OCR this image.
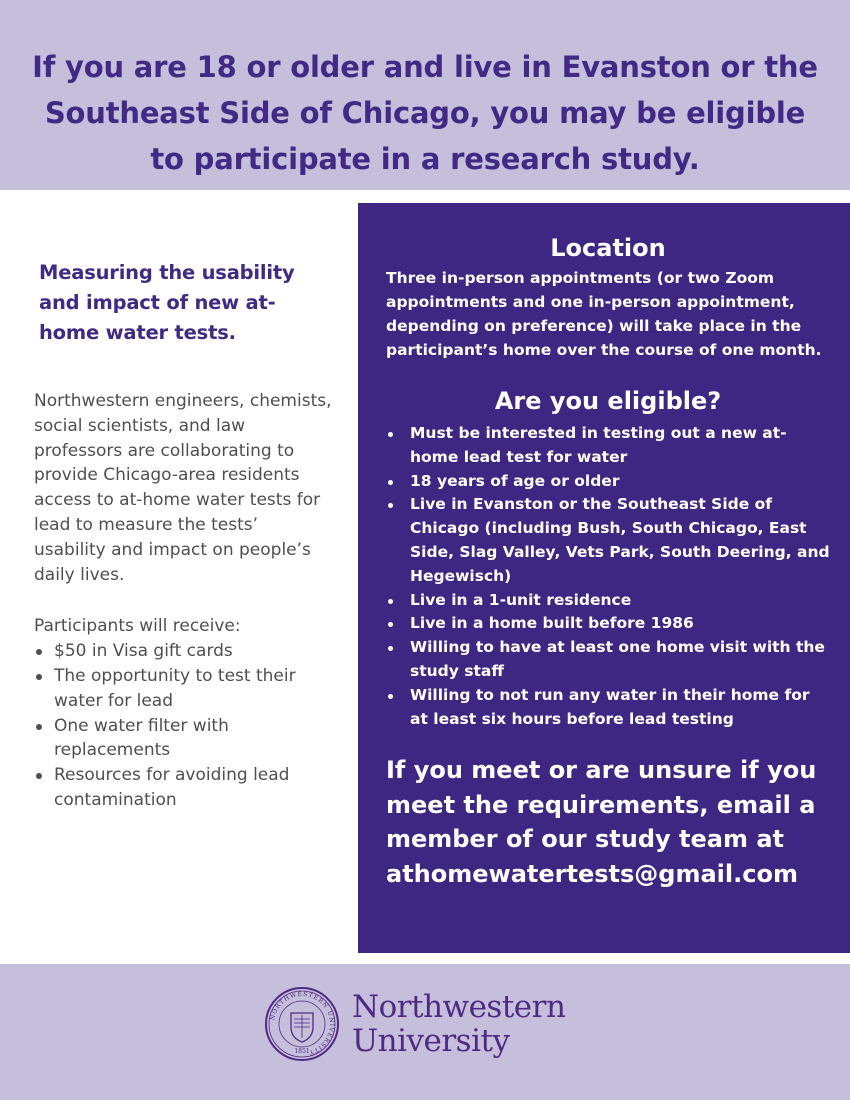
If you are 18 or older and live in Evanston or the Southeast Side of Chicago, you may be eligible to participate in a research study.
Measuring the usability and impact of new at-home water tests.

Northwestern engineers, chemists, social scientists, and law professors are collaborating to provide Chicago-area residents access to at-home water tests for lead to measure the tests’ usability and impact on people’s daily lives.

Participants will receive:

$50 in Visa gift cards
The opportunity to test their water for lead
One water filter with replacements
Resources for avoiding lead contamination
Location

Three in-person appointments (or two Zoom appointments and one in-person appointment, depending on preference) will take place in the participant’s home over the course of one month.

Are you eligible?
Must be interested in testing out a new at-home lead test for water
18 years of age or older
Live in Evanston or the Southeast Side of Chicago (including Bush, South Chicago, East Side, Slag Valley, Vets Park, South Deering, and Hegewisch)
Live in a 1-unit residence
Live in a home built before 1986
Willing to have at least one home visit with the study staff
Willing to not run any water in their home for at least six hours before lead testing

If you meet or are unsure if you meet the requirements, email a member of our study team at
athomewatertests@gmail.com

NORTHWESTERN UNIVERSITY
1851
Northwestern
University
